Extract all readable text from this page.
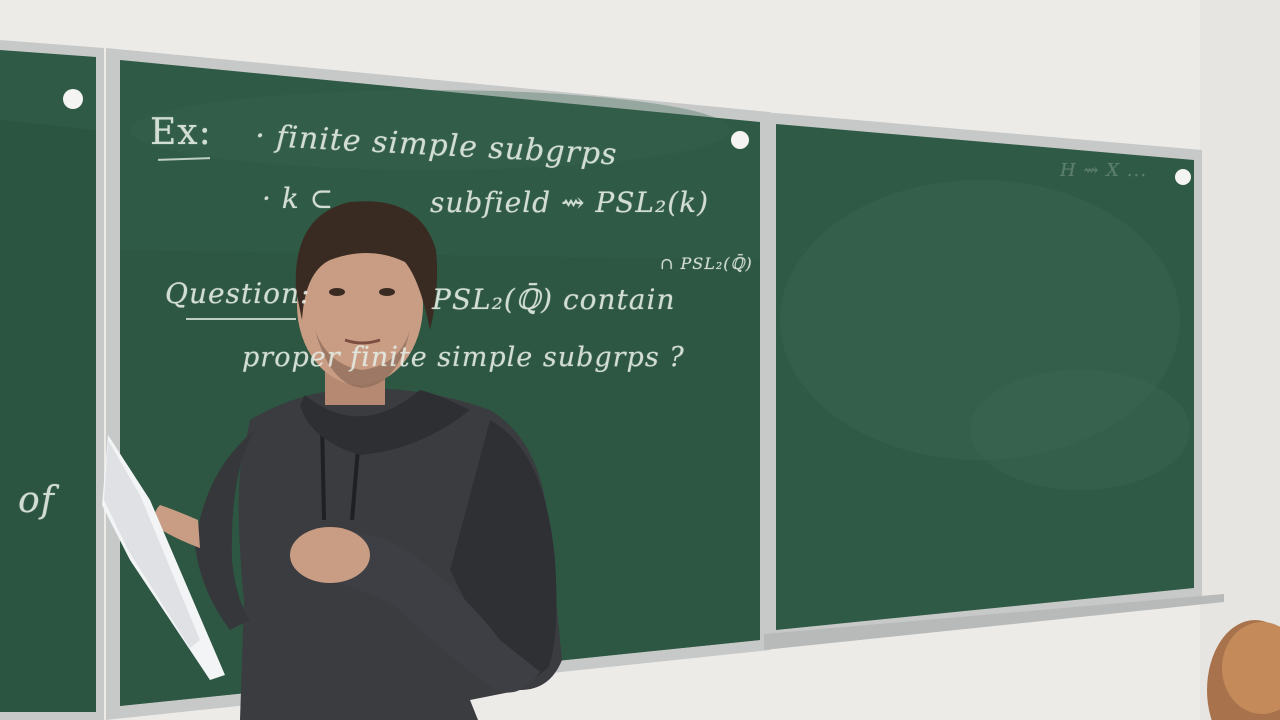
of
Ex: · finite simple subgrps
· k ⊂	subfield ⇝ PSL₂(k)
∩ PSL₂(ℚ̄)
Question:	PSL₂(ℚ̄) contain
proper finite simple subgrps ?
H ⇝ X ...
